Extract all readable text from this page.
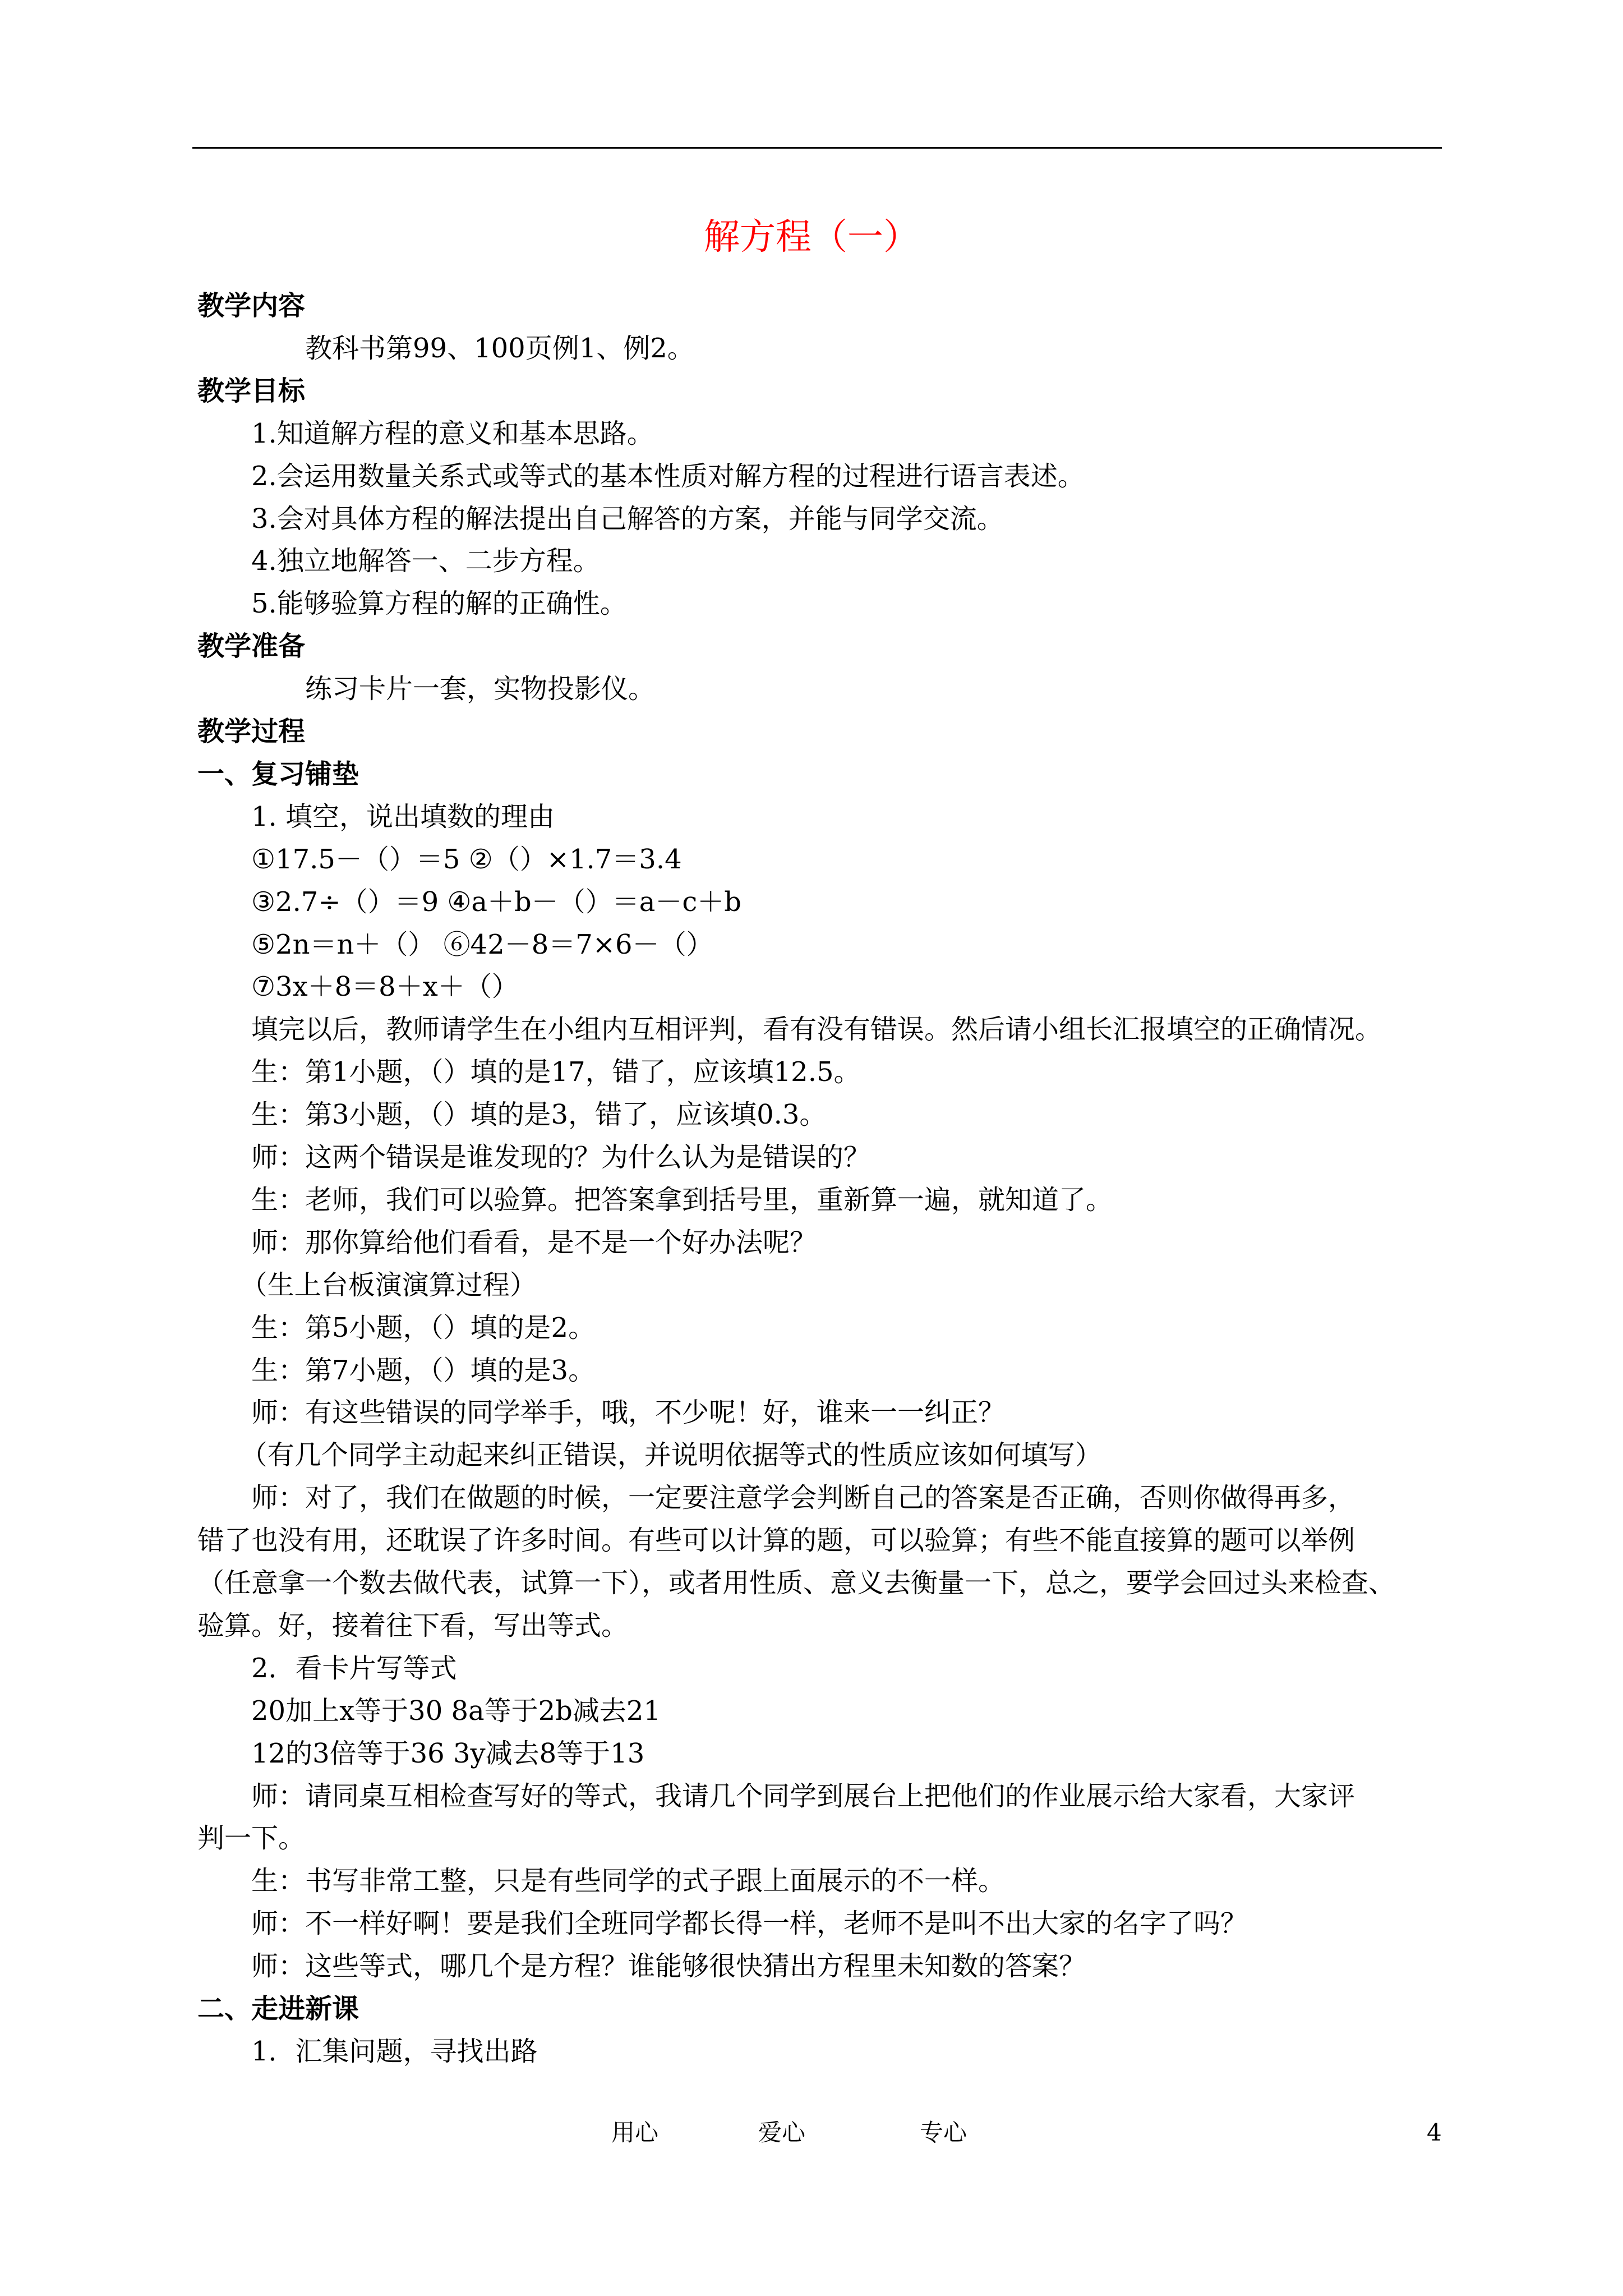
解方程（一）
教学内容
教科书第99、100页例1、例2。
教学目标
1.知道解方程的意义和基本思路。
2.会运用数量关系式或等式的基本性质对解方程的过程进行语言表述。
3.会对具体方程的解法提出自己解答的方案，并能与同学交流。
4.独立地解答一、二步方程。
5.能够验算方程的解的正确性。
教学准备
练习卡片一套，实物投影仪。
教学过程
一、复习铺垫
1. 填空，说出填数的理由
①17.5－（）＝5 ②（）×1.7＝3.4
③2.7÷（）＝9 ④a＋b－（）＝a－c＋b
⑤2n＝n＋（） ⑥42－8＝7×6－（）
⑦3x＋8＝8＋x＋（）
填完以后，教师请学生在小组内互相评判，看有没有错误。然后请小组长汇报填空的正确情况。
生：第1小题，（）填的是17，错了，应该填12.5。
生：第3小题，（）填的是3，错了，应该填0.3。
师：这两个错误是谁发现的？为什么认为是错误的？
生：老师，我们可以验算。把答案拿到括号里，重新算一遍，就知道了。
师：那你算给他们看看，是不是一个好办法呢？
（生上台板演演算过程）
生：第5小题，（）填的是2。
生：第7小题，（）填的是3。
师：有这些错误的同学举手，哦，不少呢！好，谁来一一纠正？
（有几个同学主动起来纠正错误，并说明依据等式的性质应该如何填写）
师：对了，我们在做题的时候，一定要注意学会判断自己的答案是否正确，否则你做得再多，
错了也没有用，还耽误了许多时间。有些可以计算的题，可以验算；有些不能直接算的题可以举例
（任意拿一个数去做代表，试算一下），或者用性质、意义去衡量一下，总之，要学会回过头来检查、
验算。好，接着往下看，写出等式。
2．看卡片写等式
20加上x等于30 8a等于2b减去21
12的3倍等于36 3y减去8等于13
师：请同桌互相检查写好的等式，我请几个同学到展台上把他们的作业展示给大家看，大家评
判一下。
生：书写非常工整，只是有些同学的式子跟上面展示的不一样。
师：不一样好啊！要是我们全班同学都长得一样，老师不是叫不出大家的名字了吗？
师：这些等式，哪几个是方程？谁能够很快猜出方程里未知数的答案？
二、走进新课
1．汇集问题，寻找出路
用心	爱心	专心	4
